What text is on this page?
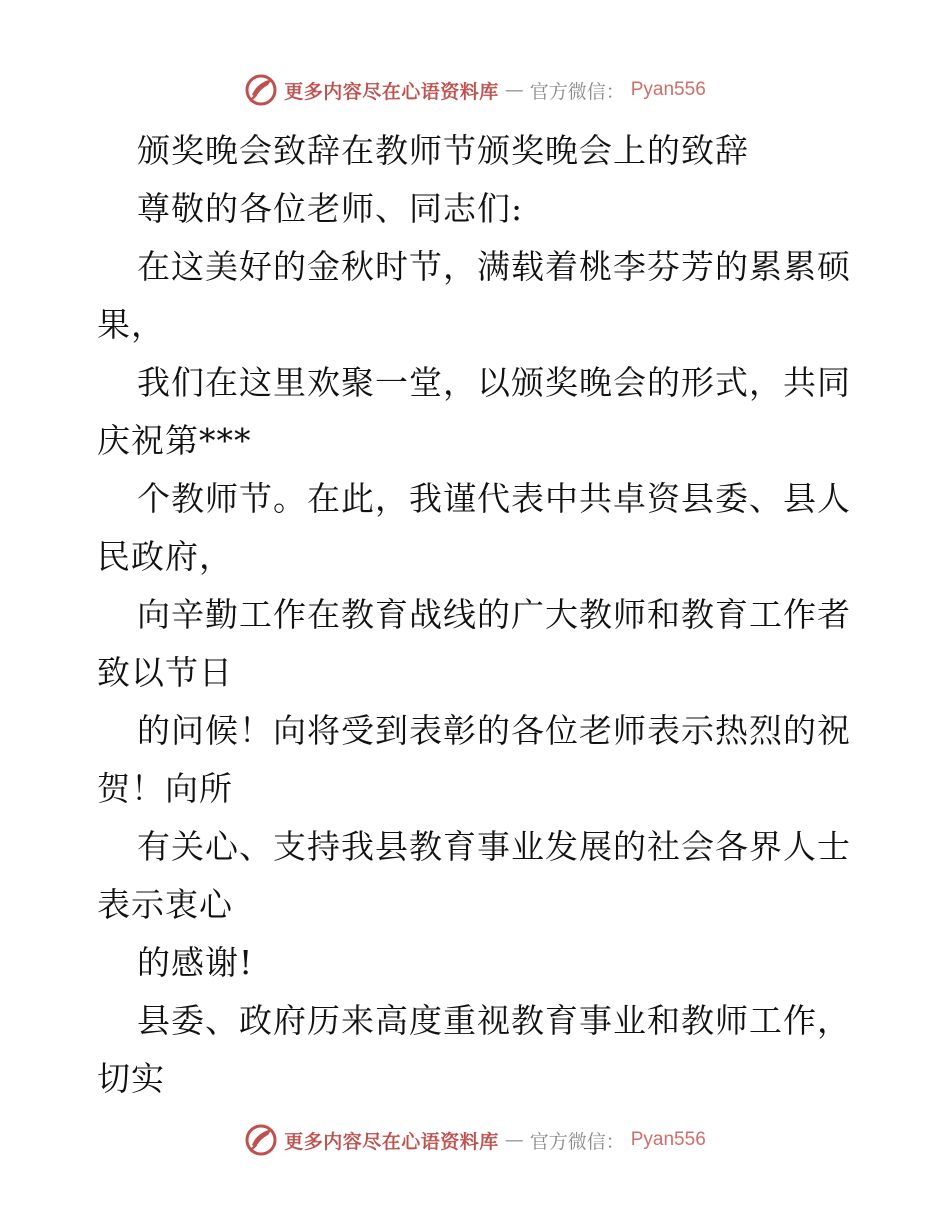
更多内容尽在心语资料库 — 官方微信： Pyan556
颁奖晚会致辞在教师节颁奖晚会上的致辞
尊敬的各位老师、同志们:
在这美好的金秋时节，满载着桃李芬芳的累累硕
果，
我们在这里欢聚一堂，以颁奖晚会的形式，共同
庆祝第***
个教师节。在此，我谨代表中共卓资县委、县人
民政府，
向辛勤工作在教育战线的广大教师和教育工作者
致以节日
的问候！向将受到表彰的各位老师表示热烈的祝
贺！向所
有关心、支持我县教育事业发展的社会各界人士
表示衷心
的感谢!
县委、政府历来高度重视教育事业和教师工作，
切实
更多内容尽在心语资料库 — 官方微信： Pyan556
